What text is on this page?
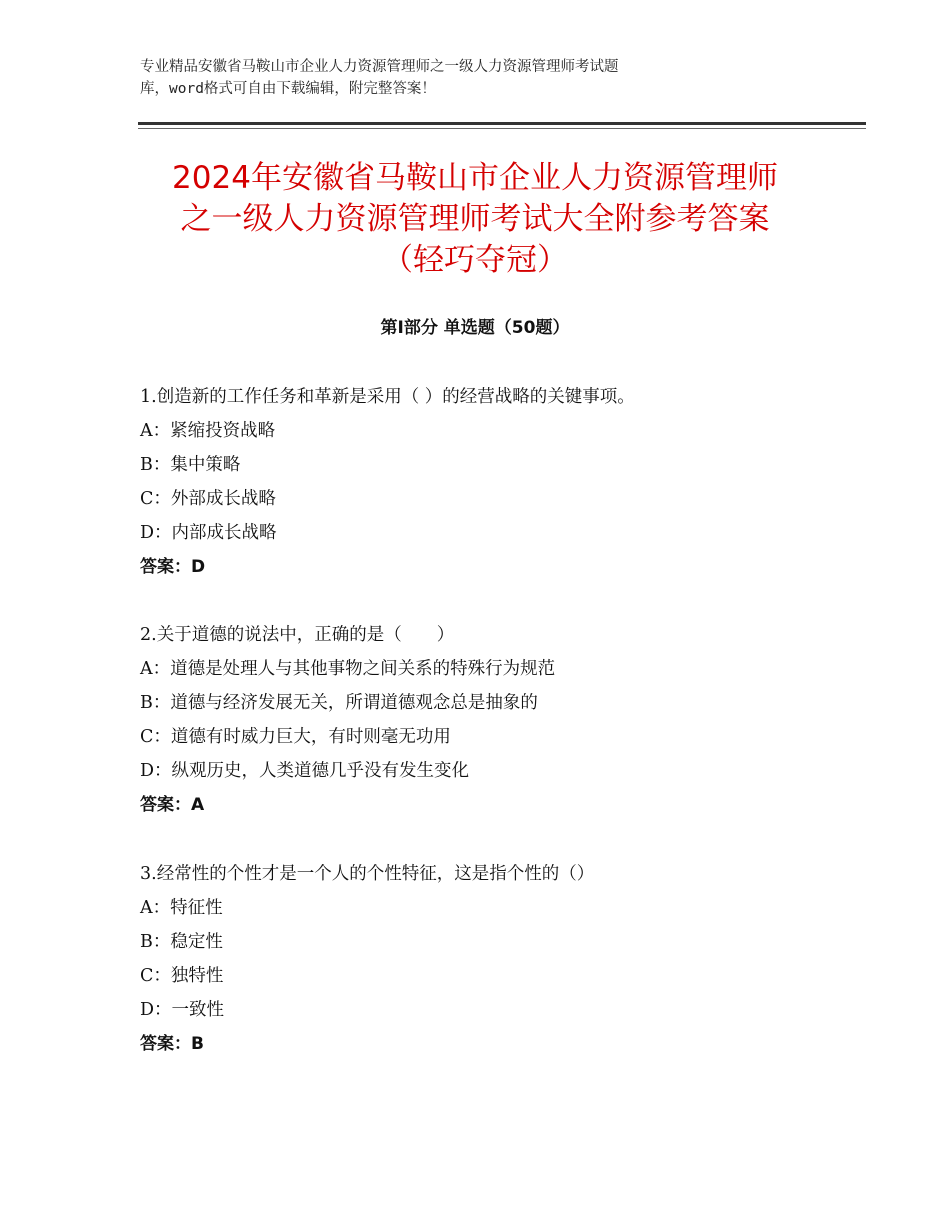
专业精品安徽省马鞍山市企业人力资源管理师之一级人力资源管理师考试题
库，word格式可自由下载编辑，附完整答案！
2024年安徽省马鞍山市企业人力资源管理师
之一级人力资源管理师考试大全附参考答案
（轻巧夺冠）
第Ⅰ部分 单选题（50题）
1.创造新的工作任务和革新是采用（ ）的经营战略的关键事项。
A：紧缩投资战略
B：集中策略
C：外部成长战略
D：内部成长战略
答案：D
2.关于道德的说法中，正确的是（　　）
A：道德是处理人与其他事物之间关系的特殊行为规范
B：道德与经济发展无关，所谓道德观念总是抽象的
C：道德有时威力巨大，有时则毫无功用
D：纵观历史，人类道德几乎没有发生变化
答案：A
3.经常性的个性才是一个人的个性特征，这是指个性的（）
A：特征性
B：稳定性
C：独特性
D：一致性
答案：B
